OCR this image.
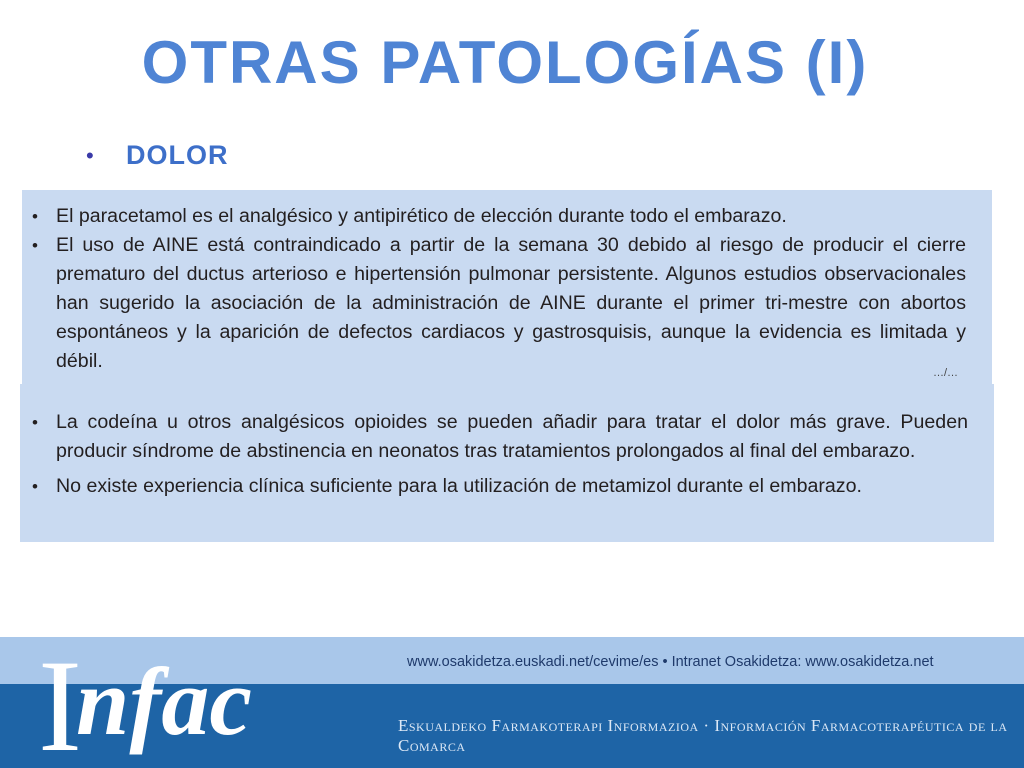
OTRAS PATOLOGÍAS (I)
•	DOLOR
• El paracetamol es el analgésico y antipirético de elección durante todo el embarazo.
• El uso de AINE está contraindicado a partir de la semana 30 debido al riesgo de producir el cierre prematuro del ductus arterioso e hipertensión pulmonar persistente. Algunos estudios observacionales han sugerido la asociación de la administración de AINE durante el primer tri-mestre con abortos espontáneos y la aparición de defectos cardiacos y gastrosquisis, aunque la evidencia es limitada y débil.
…/…
• La codeína u otros analgésicos opioides se pueden añadir para tratar el dolor más grave. Pueden producir síndrome de abstinencia en neonatos tras tratamientos prolongados al final del embarazo.
• No existe experiencia clínica suficiente para la utilización de metamizol durante el embarazo.
Infac	www.osakidetza.euskadi.net/cevime/es • Intranet Osakidetza: www.osakidetza.net
Eskualdeko Farmakoterapi Informazioa · Información Farmacoterapéutica de la Comarca
